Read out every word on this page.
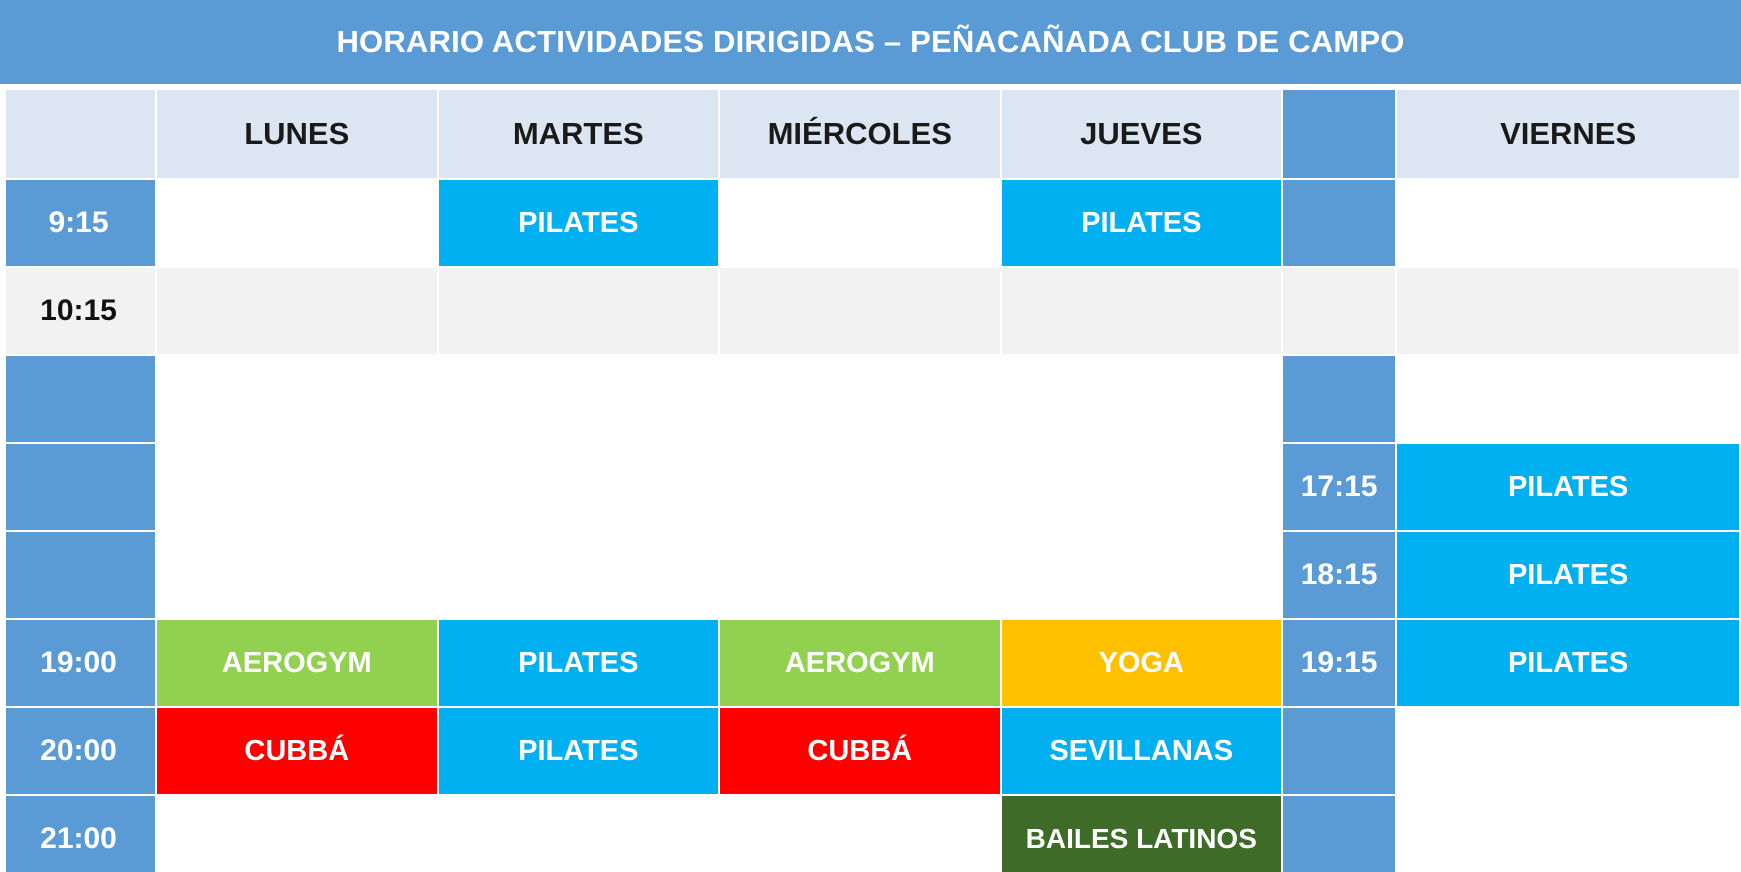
HORARIO ACTIVIDADES DIRIGIDAS – PEÑACAÑADA CLUB DE CAMPO
	LUNES	MARTES	MIÉRCOLES	JUEVES		VIERNES
9:15		PILATES		PILATES		
10:15						

					17:15	PILATES
					18:15	PILATES
19:00	AEROGYM	PILATES	AEROGYM	YOGA	19:15	PILATES
20:00	CUBBÁ	PILATES	CUBBÁ	SEVILLANAS		
21:00				BAILES LATINOS		
